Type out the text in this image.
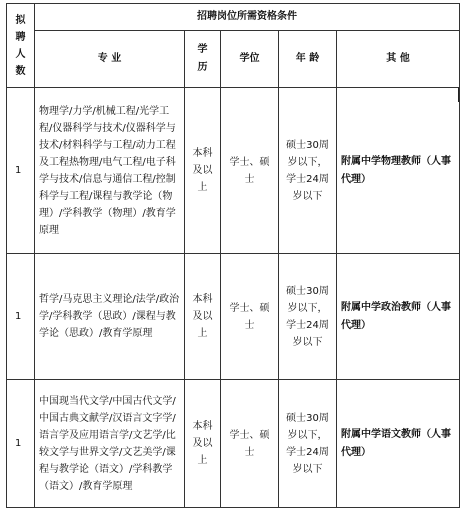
拟聘人数	招聘岗位所需资格条件				
	专 业	学历	学位	年 龄	其 他
1	物理学/力学/机械工程/光学工程/仪器科学与技术/仪器科学与技术/材料科学与工程/动力工程及工程热物理/电气工程/电子科学与技术/信息与通信工程/控制科学与工程/课程与教学论（物理）/学科教学（物理）/教育学原理	本科及以上	学士、硕士	硕士30周岁以下，学士24周岁以下	附属中学物理教师（人事代理）
1	哲学/马克思主义理论/法学/政治学/学科教学（思政）/课程与教学论（思政）/教育学原理	本科及以上	学士、硕士	硕士30周岁以下，学士24周岁以下	附属中学政治教师（人事代理）
1	中国现当代文学/中国古代文学/中国古典文献学/汉语言文字学/语言学及应用语言学/文艺学/比较文学与世界文学/文艺美学/课程与教学论（语文）/学科教学（语文）/教育学原理	本科及以上	学士、硕士	硕士30周岁以下，学士24周岁以下	附属中学语文教师（人事代理）
